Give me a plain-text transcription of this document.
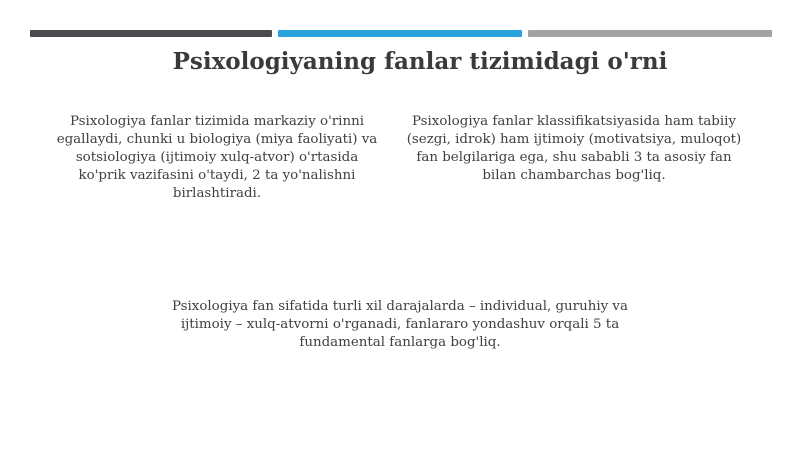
Psixologiyaning fanlar tizimidagi o'rni
Psixologiya fanlar tizimida markaziy o'rinni egallaydi, chunki u biologiya (miya faoliyati) va sotsiologiya (ijtimoiy xulq-atvor) o'rtasida ko'prik vazifasini o'taydi, 2 ta yo'nalishni birlashtiradi.
Psixologiya fanlar klassifikatsiyasida ham tabiiy (sezgi, idrok) ham ijtimoiy (motivatsiya, muloqot) fan belgilariga ega, shu sababli 3 ta asosiy fan bilan chambarchas bog'liq.
Psixologiya fan sifatida turli xil darajalarda – individual, guruhiy va ijtimoiy – xulq-atvorni o'rganadi, fanlararo yondashuv orqali 5 ta fundamental fanlarga bog'liq.
